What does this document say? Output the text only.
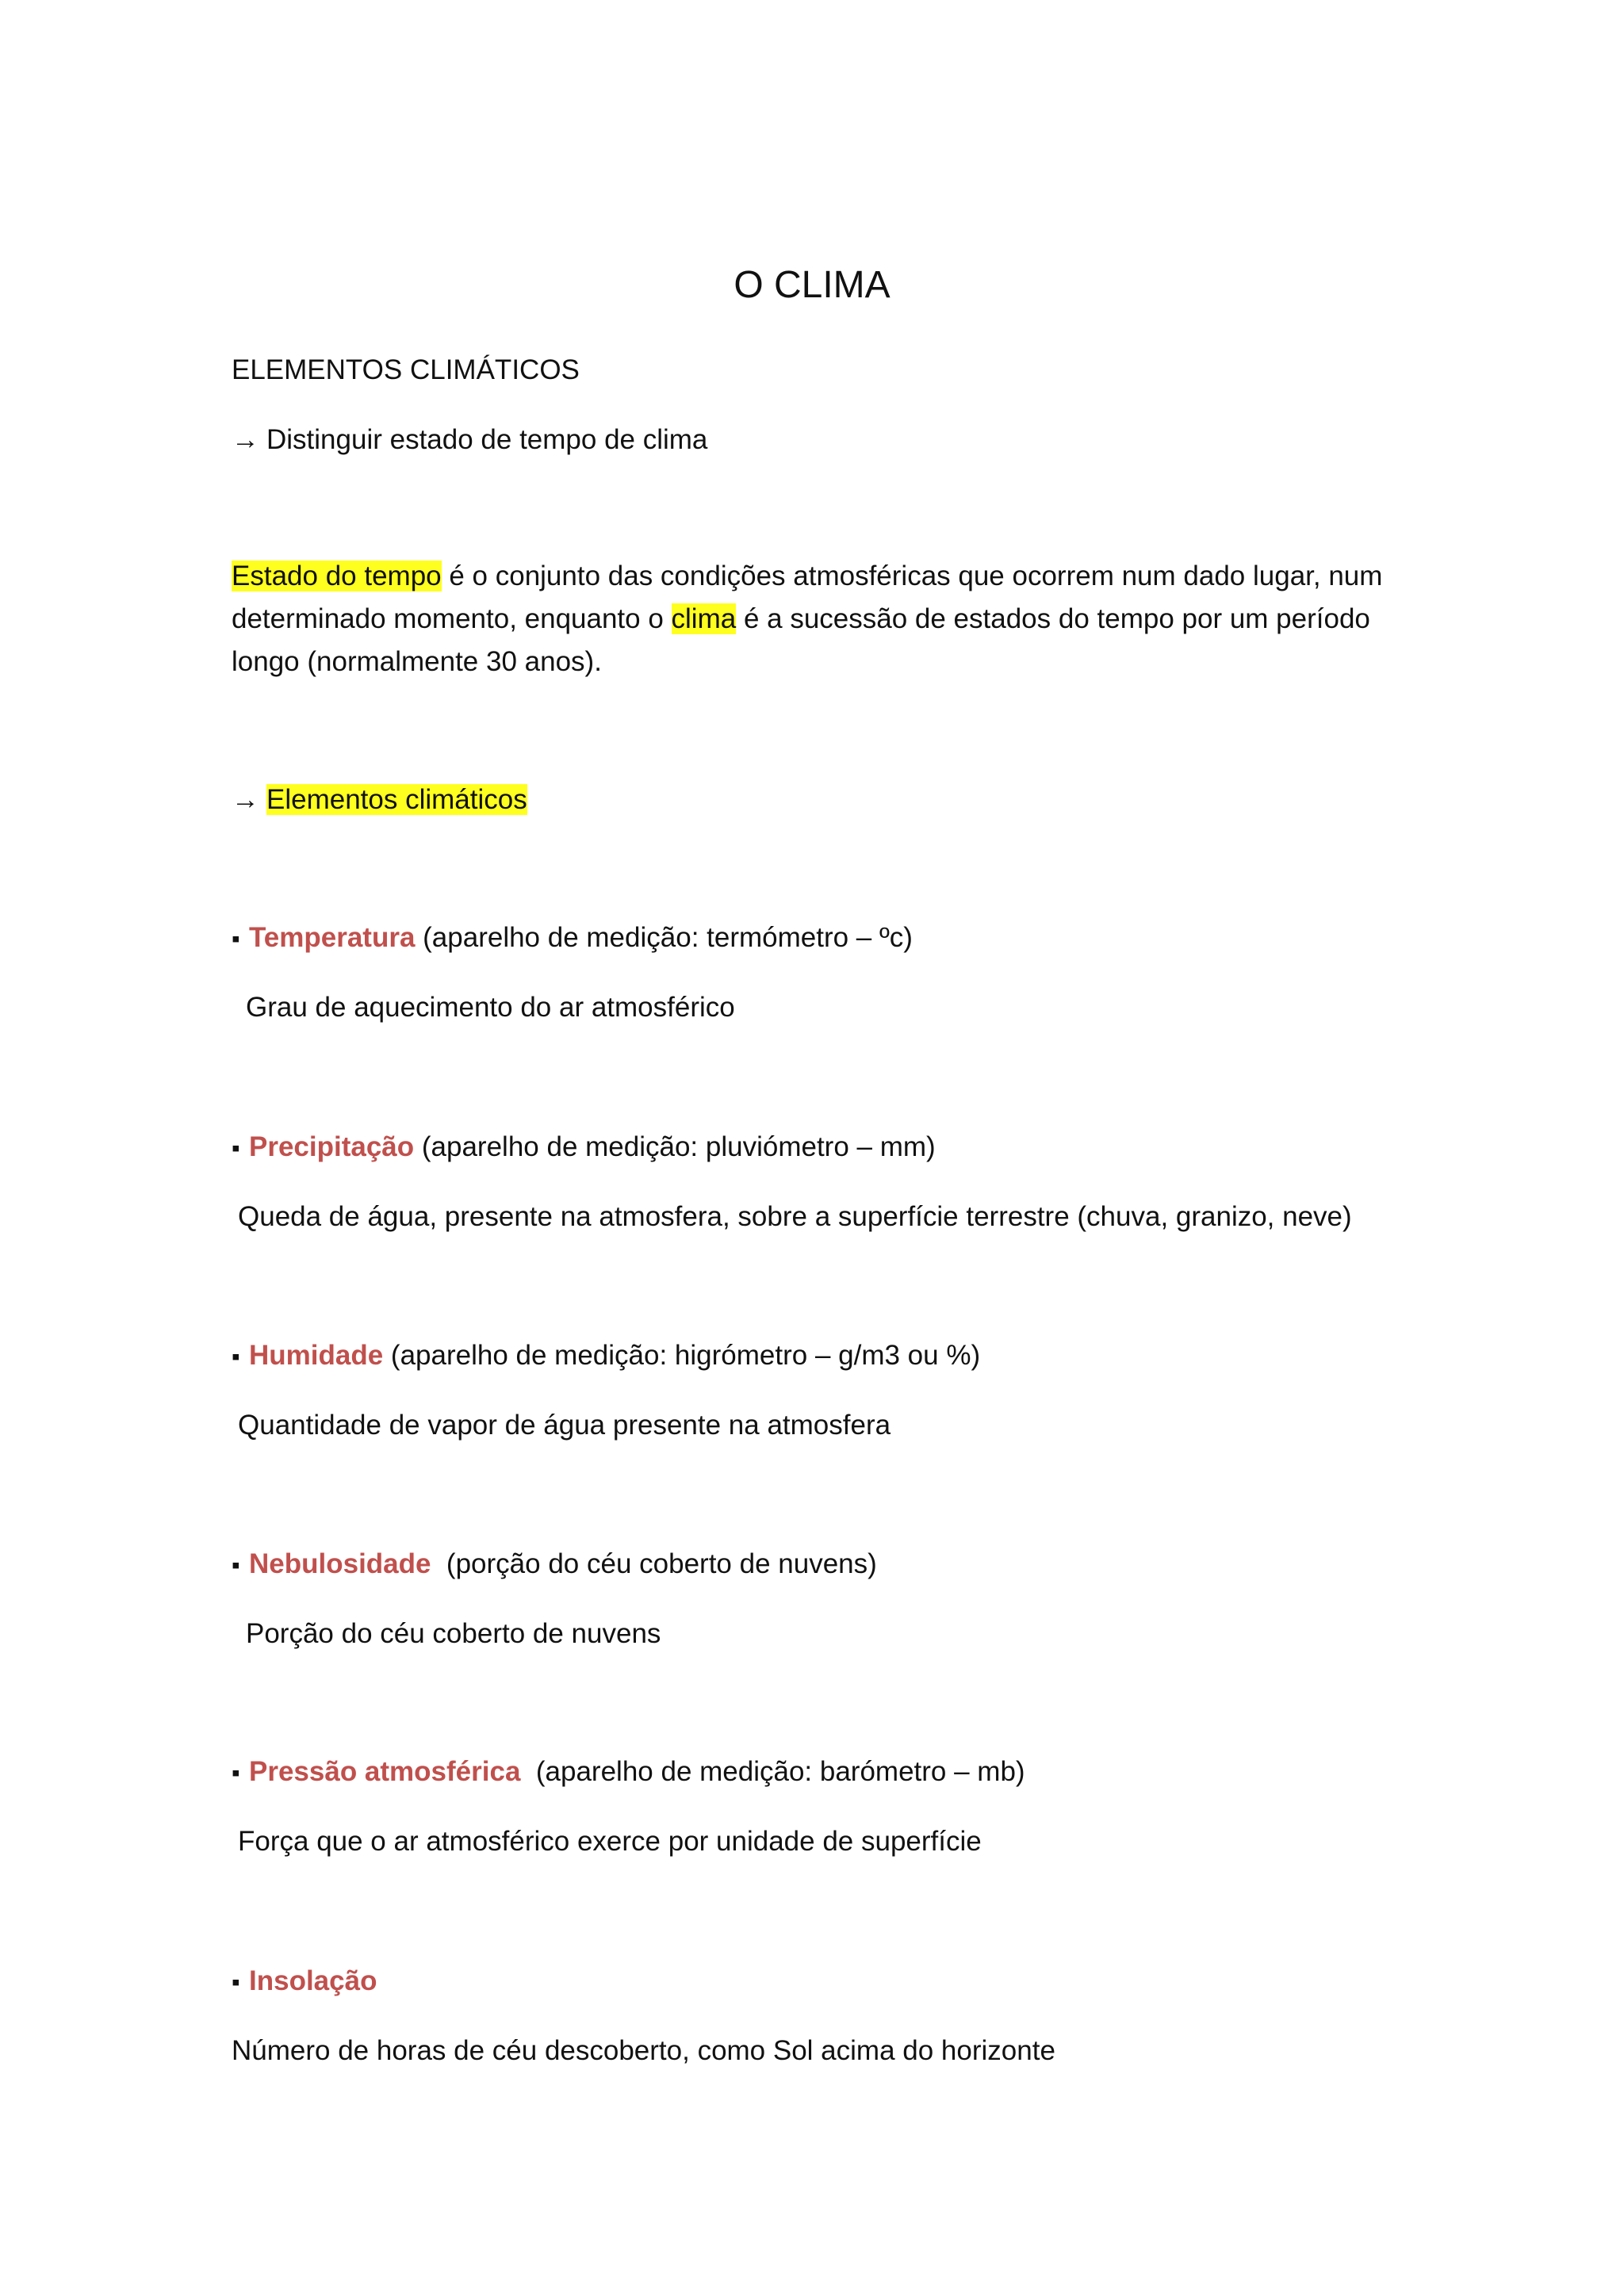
O CLIMA
ELEMENTOS CLIMÁTICOS
→ Distinguir estado de tempo de clima
Estado do tempo é o conjunto das condições atmosféricas que ocorrem num dado lugar, num determinado momento, enquanto o clima é a sucessão de estados do tempo por um período longo (normalmente 30 anos).
→ Elementos climáticos
▪ Temperatura (aparelho de medição: termómetro – ºc)
Grau de aquecimento do ar atmosférico
▪ Precipitação (aparelho de medição: pluviómetro – mm)
Queda de água, presente na atmosfera, sobre a superfície terrestre (chuva, granizo, neve)
▪ Humidade (aparelho de medição: higrómetro – g/m3 ou %)
Quantidade de vapor de água presente na atmosfera
▪ Nebulosidade  (porção do céu coberto de nuvens)
Porção do céu coberto de nuvens
▪ Pressão atmosférica  (aparelho de medição: barómetro – mb)
Força que o ar atmosférico exerce por unidade de superfície
▪ Insolação
Número de horas de céu descoberto, como Sol acima do horizonte
